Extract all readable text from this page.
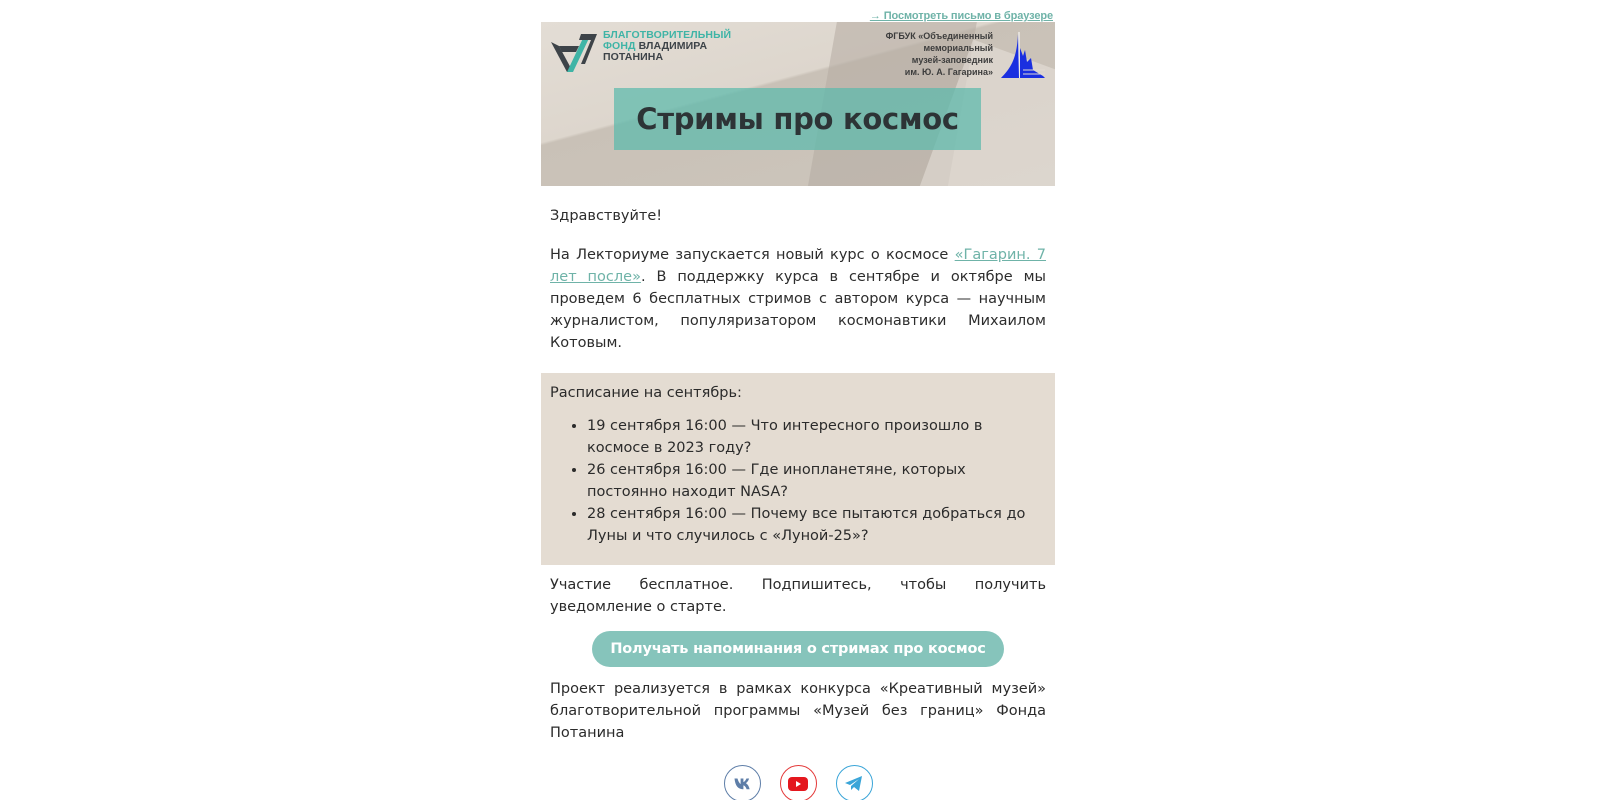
→ Посмотреть письмо в браузере
БЛАГОТВОРИТЕЛЬНЫЙ
ФОНД ВЛАДИМИРА
ПОТАНИНА
ФГБУК «Объединенный
мемориальный
музей-заповедник
им. Ю. А. Гагарина»
Стримы про космос

Здравствуйте!

На Лекториуме запускается новый курс о космосе «Гагарин. 7 лет после». В поддержку курса в сентябре и октябре мы проведем 6 бесплатных стримов с автором курса — научным журналистом, популяризатором космонавтики Михаилом Котовым.

Расписание на сентябрь:
• 19 сентября 16:00 — Что интересного произошло в космосе в 2023 году?
• 26 сентября 16:00 — Где инопланетяне, которых постоянно находит NASA?
• 28 сентября 16:00 — Почему все пытаются добраться до Луны и что случилось с «Луной-25»?

Участие бесплатное. Подпишитесь, чтобы получить уведомление о старте.

Получать напоминания о стримах про космос

Проект реализуется в рамках конкурса «Креативный музей» благотворительной программы «Музей без границ» Фонда Потанина
